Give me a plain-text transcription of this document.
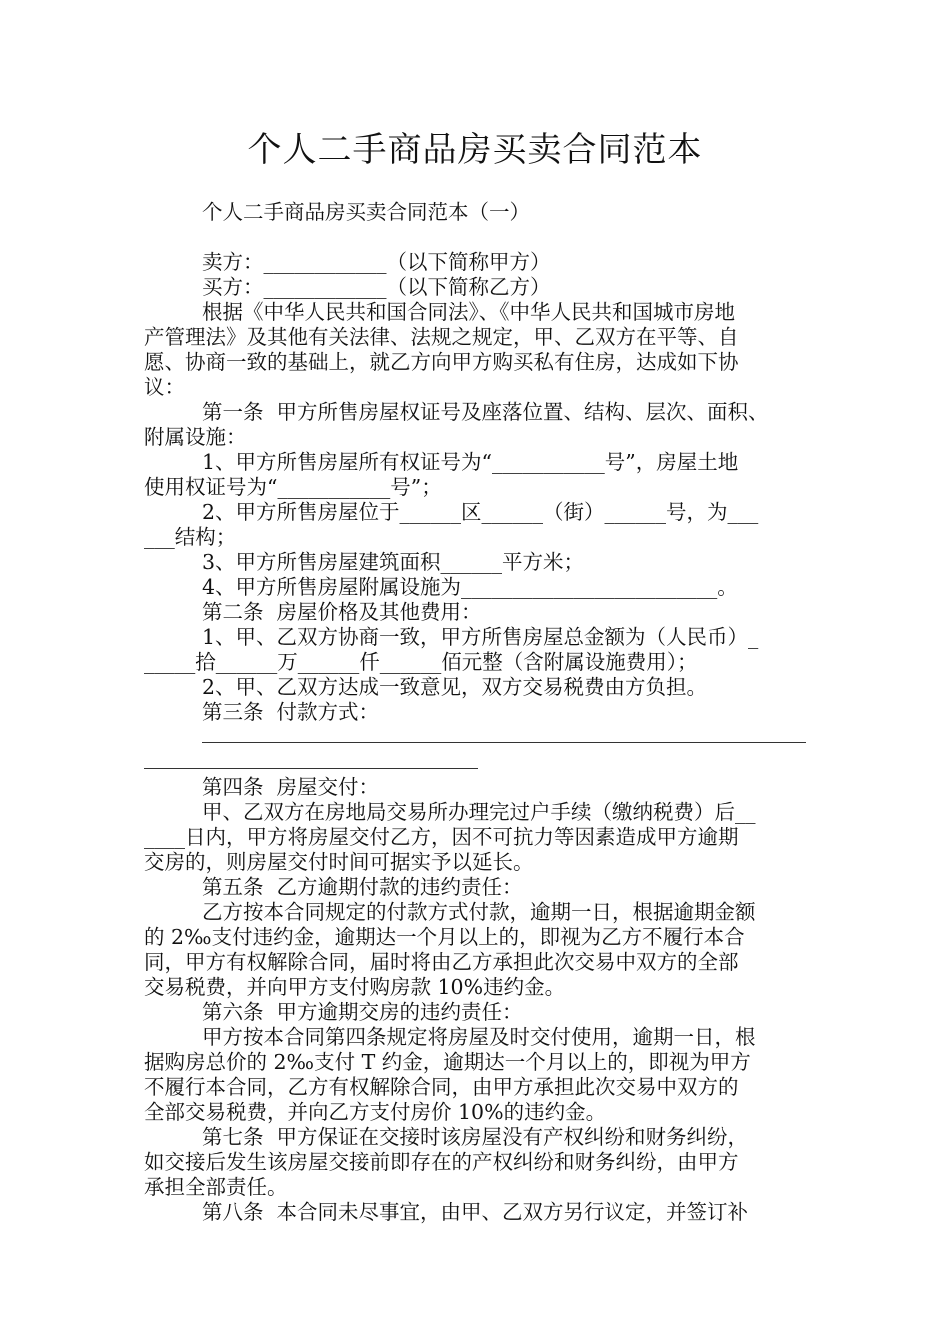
个人二手商品房买卖合同范本
个人二手商品房买卖合同范本（一）
卖方：____________（以下简称甲方）
买方：____________（以下简称乙方）
根据《中华人民共和国合同法》、《中华人民共和国城市房地
产管理法》及其他有关法律、法规之规定，甲、乙双方在平等、自
愿、协商一致的基础上，就乙方向甲方购买私有住房，达成如下协
议：
第一条  甲方所售房屋权证号及座落位置、结构、层次、面积、
附属设施：
1、甲方所售房屋所有权证号为“___________号”，房屋土地
使用权证号为“___________号”；
2、甲方所售房屋位于______区______（街）______号，为___
___结构；
3、甲方所售房屋建筑面积______平方米；
4、甲方所售房屋附属设施为_________________________。
第二条  房屋价格及其他费用：
1、甲、乙双方协商一致，甲方所售房屋总金额为（人民币）_
_____拾______万______仟______佰元整（含附属设施费用）；
2、甲、乙双方达成一致意见，双方交易税费由方负担。
第三条  付款方式：
第四条  房屋交付：
甲、乙双方在房地局交易所办理完过户手续（缴纳税费）后__
____日内，甲方将房屋交付乙方，因不可抗力等因素造成甲方逾期
交房的，则房屋交付时间可据实予以延长。
第五条  乙方逾期付款的违约责任：
乙方按本合同规定的付款方式付款，逾期一日，根据逾期金额
的 2‰支付违约金，逾期达一个月以上的，即视为乙方不履行本合
同，甲方有权解除合同，届时将由乙方承担此次交易中双方的全部
交易税费，并向甲方支付购房款 10%违约金。
第六条  甲方逾期交房的违约责任：
甲方按本合同第四条规定将房屋及时交付使用，逾期一日，根
据购房总价的 2‰支付 T 约金，逾期达一个月以上的，即视为甲方
不履行本合同，乙方有权解除合同，由甲方承担此次交易中双方的
全部交易税费，并向乙方支付房价 10%的违约金。
第七条  甲方保证在交接时该房屋没有产权纠纷和财务纠纷，
如交接后发生该房屋交接前即存在的产权纠纷和财务纠纷，由甲方
承担全部责任。
第八条  本合同未尽事宜，由甲、乙双方另行议定，并签订补
